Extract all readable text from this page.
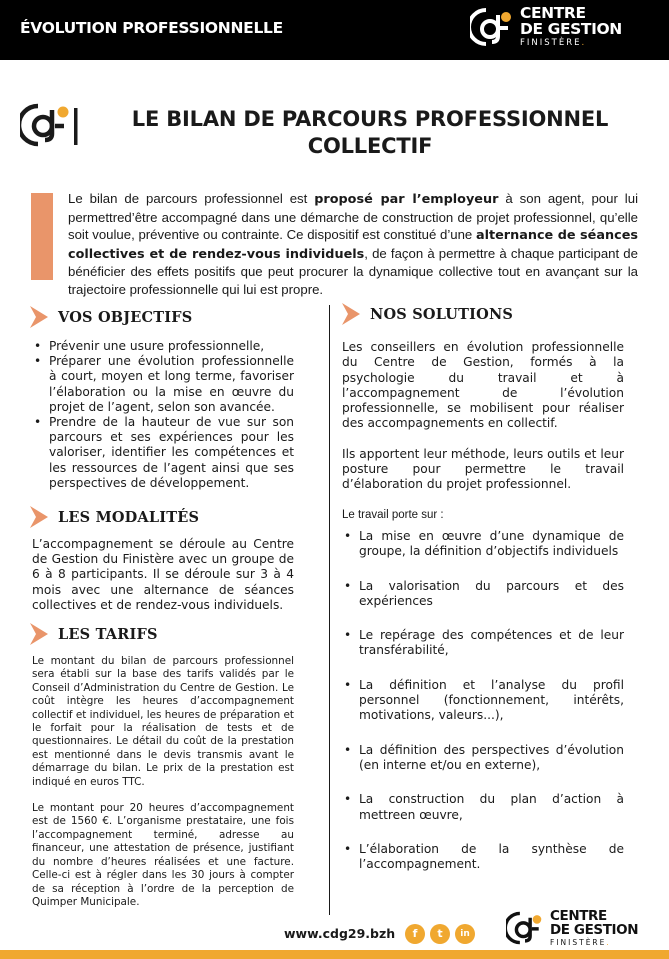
ÉVOLUTION PROFESSIONNELLE
CENTRE
DE GESTION
FINISTÈRE.
LE BILAN DE PARCOURS PROFESSIONNEL
COLLECTIF
Le bilan de parcours professionnel est proposé par l’employeur à son agent, pour lui permettred’être accompagné dans une démarche de construction de projet professionnel, qu’elle soit voulue, préventive ou contrainte. Ce dispositif est constitué d’une alternance de séances collectives et de rendez-vous individuels, de façon à permettre à chaque participant de bénéficier des effets positifs que peut procurer la dynamique collective tout en avançant sur la trajectoire professionnelle qui lui est propre.
VOS OBJECTIFS
• Prévenir une usure professionnelle,
• Préparer une évolution professionnelle à court, moyen et long terme, favoriser l’élaboration ou la mise en œuvre du projet de l’agent, selon son avancée.
• Prendre de la hauteur de vue sur son parcours et ses expériences pour les valoriser, identifier les compétences et les ressources de l’agent ainsi que ses perspectives de développement.
LES MODALITÉS
L’accompagnement se déroule au Centre de Gestion du Finistère avec un groupe de 6 à 8 participants. Il se déroule sur 3 à 4 mois avec une alternance de séances collectives et de rendez-vous individuels.
LES TARIFS

Le montant du bilan de parcours professionnel sera établi sur la base des tarifs validés par le Conseil d’Administration du Centre de Gestion. Le coût intègre les heures d’accompagnement collectif et individuel, les heures de préparation et le forfait pour la réalisation de tests et de questionnaires. Le détail du coût de la prestation est mentionné dans le devis transmis avant le démarrage du bilan. Le prix de la prestation est indiqué en euros TTC.

Le montant pour 20 heures d’accompagnement est de 1560 €. L’organisme prestataire, une fois l’accompagnement terminé, adresse au financeur, une attestation de présence, justifiant du nombre d’heures réalisées et une facture. Celle-ci est à régler dans les 30 jours à compter de sa réception à l’ordre de la perception de Quimper Municipale.

NOS SOLUTIONS

Les conseillers en évolution professionnelle du Centre de Gestion, formés à la psychologie du travail et à l’accompagnement de l’évolution professionnelle, se mobilisent pour réaliser des accompagnements en collectif.

Ils apportent leur méthode, leurs outils et leur posture pour permettre le travail d’élaboration du projet professionnel.

Le travail porte sur :

• La mise en œuvre d’une dynamique de groupe, la définition d’objectifs individuels
• La valorisation du parcours et des expériences
• Le repérage des compétences et de leur transférabilité,
• La définition et l’analyse du profil personnel (fonctionnement, intérêts, motivations, valeurs...),
• La définition des perspectives d’évolution (en interne et/ou en externe),
• La construction du plan d’action à mettreen œuvre,
• L’élaboration de la synthèse de l’accompagnement.
www.cdg29.bzh	f	t	in
CENTRE
DE GESTION
FINISTÈRE.
